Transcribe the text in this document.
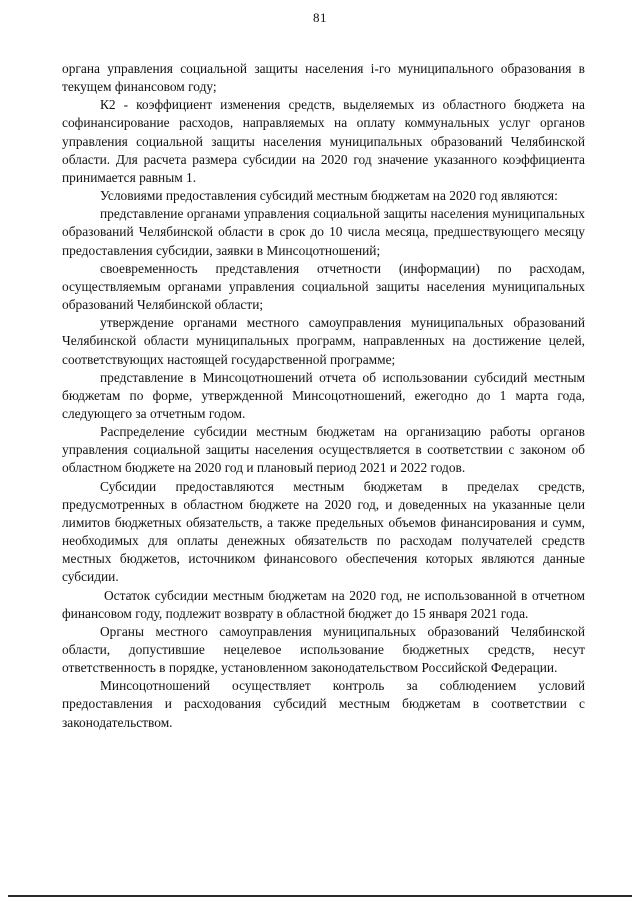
81

органа управления социальной защиты населения i-го муниципального образования в текущем финансовом году;

К2 - коэффициент изменения средств, выделяемых из областного бюджета на софинансирование расходов, направляемых на оплату коммунальных услуг органов управления социальной защиты населения муниципальных образований Челябинской области. Для расчета размера субсидии на 2020 год значение указанного коэффициента принимается равным 1.

Условиями предоставления субсидий местным бюджетам на 2020 год являются:

представление органами управления социальной защиты населения муниципальных образований Челябинской области в срок до 10 числа месяца, предшествующего месяцу предоставления субсидии, заявки в Минсоцотношений;

своевременность представления отчетности (информации) по расходам, осуществляемым органами управления социальной защиты населения муниципальных образований Челябинской области;

утверждение органами местного самоуправления муниципальных образований Челябинской области муниципальных программ, направленных на достижение целей, соответствующих настоящей государственной программе;

представление в Минсоцотношений отчета об использовании субсидий местным бюджетам по форме, утвержденной Минсоцотношений, ежегодно до 1 марта года, следующего за отчетным годом.

Распределение субсидии местным бюджетам на организацию работы органов управления социальной защиты населения осуществляется в соответствии с законом об областном бюджете на 2020 год и плановый период 2021 и 2022 годов.

Субсидии предоставляются местным бюджетам в пределах средств, предусмотренных в областном бюджете на 2020 год, и доведенных на указанные цели лимитов бюджетных обязательств, а также предельных объемов финансирования и сумм, необходимых для оплаты денежных обязательств по расходам получателей средств местных бюджетов, источником финансового обеспечения которых являются данные субсидии.

Остаток субсидии местным бюджетам на 2020 год, не использованной в отчетном финансовом году, подлежит возврату в областной бюджет до 15 января 2021 года.

Органы местного самоуправления муниципальных образований Челябинской области, допустившие нецелевое использование бюджетных средств, несут ответственность в порядке, установленном законодательством Российской Федерации.

Минсоцотношений осуществляет контроль за соблюдением условий предоставления и расходования субсидий местным бюджетам в соответствии с законодательством.
